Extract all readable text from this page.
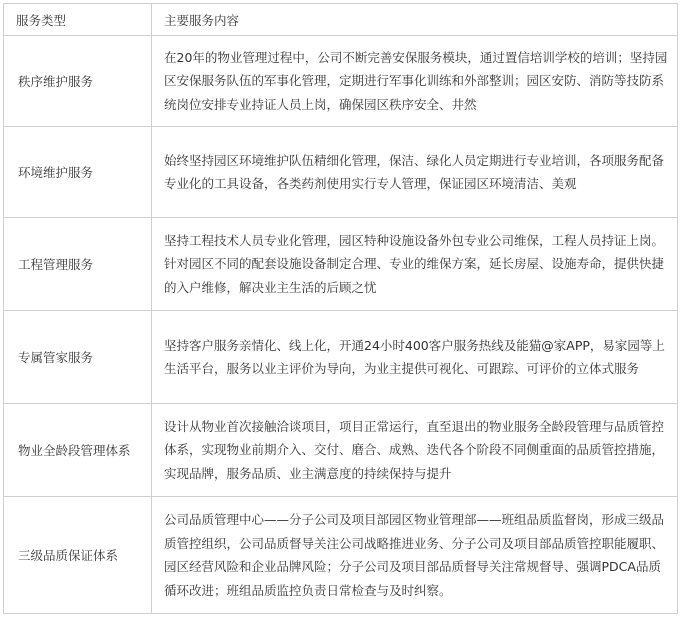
服务类型	主要服务内容
秩序维护服务	在20年的物业管理过程中，公司不断完善安保服务模块，通过置信培训学校的培训；坚持园区安保服务队伍的军事化管理，定期进行军事化训练和外部整训；园区安防、消防等技防系统岗位安排专业持证人员上岗，确保园区秩序安全、井然
环境维护服务	始终坚持园区环境维护队伍精细化管理，保洁、绿化人员定期进行专业培训，各项服务配备专业化的工具设备，各类药剂使用实行专人管理，保证园区环境清洁、美观
工程管理服务	坚持工程技术人员专业化管理，园区特种设施设备外包专业公司维保，工程人员持证上岗。针对园区不同的配套设施设备制定合理、专业的维保方案，延长房屋、设施寿命，提供快捷的入户维修，解决业主生活的后顾之忧
专属管家服务	坚持客户服务亲情化、线上化，开通24小时400客户服务热线及能猫@家APP，易家园等上生活平台，服务以业主评价为导向，为业主提供可视化、可跟踪、可评价的立体式服务
物业全龄段管理体系	设计从物业首次接触洽谈项目，项目正常运行，直至退出的物业服务全龄段管理与品质管控体系，实现物业前期介入、交付、磨合、成熟、迭代各个阶段不同侧重面的品质管控措施，实现品牌，服务品质、业主满意度的持续保持与提升
三级品质保证体系	公司品质管理中心——分子公司及项目部园区物业管理部——班组品质监督岗，形成三级品质管控组织，公司品质督导关注公司战略推进业务、分子公司及项目部品质管控职能履职、园区经营风险和企业品牌风险；分子公司及项目部品质督导关注常规督导、强调PDCA品质循环改进；班组品质监控负责日常检查与及时纠察。
